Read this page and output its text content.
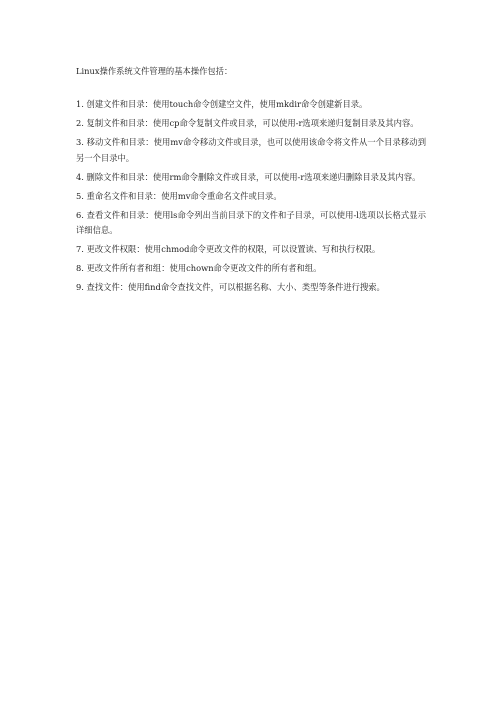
Linux操作系统文件管理的基本操作包括：

1. 创建文件和目录：使用touch命令创建空文件，使用mkdir命令创建新目录。

2. 复制文件和目录：使用cp命令复制文件或目录，可以使用-r选项来递归复制目录及其内容。

3. 移动文件和目录：使用mv命令移动文件或目录，也可以使用该命令将文件从一个目录移动到另一个目录中。

4. 删除文件和目录：使用rm命令删除文件或目录，可以使用-r选项来递归删除目录及其内容。

5. 重命名文件和目录：使用mv命令重命名文件或目录。

6. 查看文件和目录：使用ls命令列出当前目录下的文件和子目录，可以使用-l选项以长格式显示详细信息。

7. 更改文件权限：使用chmod命令更改文件的权限，可以设置读、写和执行权限。

8. 更改文件所有者和组：使用chown命令更改文件的所有者和组。

9. 查找文件：使用find命令查找文件，可以根据名称、大小、类型等条件进行搜索。
